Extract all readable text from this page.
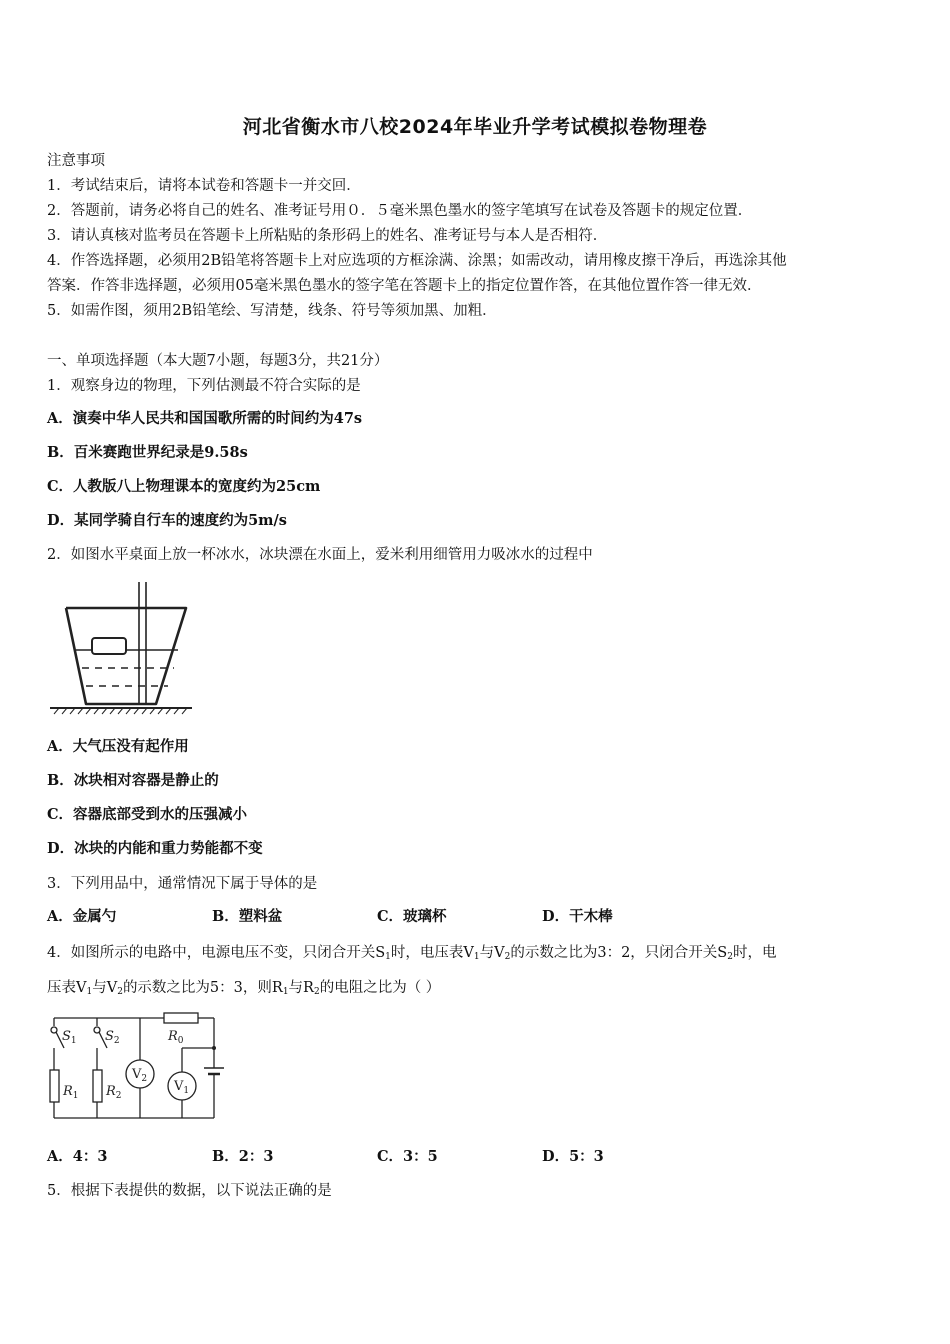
河北省衡水市八校2024年毕业升学考试模拟卷物理卷
注意事项
1．考试结束后，请将本试卷和答题卡一并交回．
2．答题前，请务必将自己的姓名、准考证号用０．５毫米黑色墨水的签字笔填写在试卷及答题卡的规定位置．
3．请认真核对监考员在答题卡上所粘贴的条形码上的姓名、准考证号与本人是否相符．
4．作答选择题，必须用2B铅笔将答题卡上对应选项的方框涂满、涂黑；如需改动，请用橡皮擦干净后，再选涂其他
答案．作答非选择题，必须用05毫米黑色墨水的签字笔在答题卡上的指定位置作答，在其他位置作答一律无效．
5．如需作图，须用2B铅笔绘、写清楚，线条、符号等须加黑、加粗．
一、单项选择题（本大题7小题，每题3分，共21分）
1．观察身边的物理，下列估测最不符合实际的是
A．演奏中华人民共和国国歌所需的时间约为47s
B．百米赛跑世界纪录是9.58s
C．人教版八上物理课本的宽度约为25cm
D．某同学骑自行车的速度约为5m/s
2．如图水平桌面上放一杯冰水，冰块漂在水面上，爱米利用细管用力吸冰水的过程中
A．大气压没有起作用
B．冰块相对容器是静止的
C．容器底部受到水的压强减小
D．冰块的内能和重力势能都不变
3．下列用品中，通常情况下属于导体的是
A．金属勺	B．塑料盆	C．玻璃杯	D．干木棒
4．如图所示的电路中，电源电压不变，只闭合开关$S_1$时，电压表$V_1$与$V_2$的示数之比为3：2，只闭合开关$S_2$时，电
压表$V_1$与$V_2$的示数之比为5：3，则$R_1$与$R_2$的电阻之比为（ ）
$S_1$ $S_2$	$R_0$
$R_1$ $R_2$
$V_2$ $V_1$
A．4：3	B．2：3	C．3：5	D．5：3
5．根据下表提供的数据，以下说法正确的是
